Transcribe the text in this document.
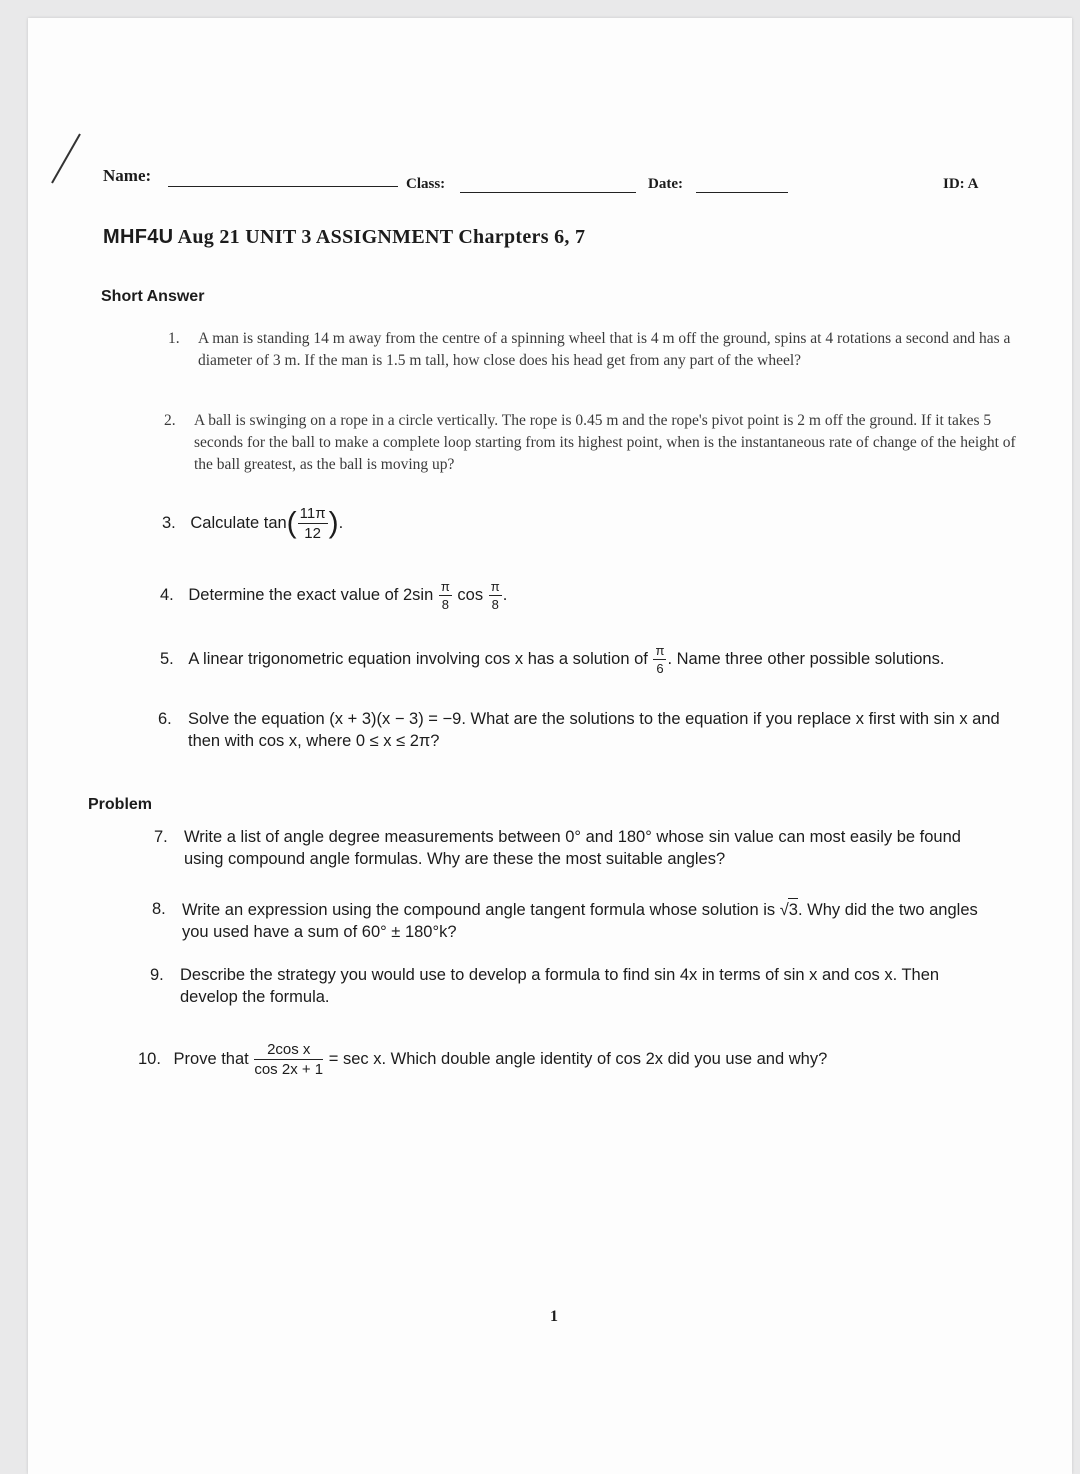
Name:	Class:	Date:	ID: A
MHF4U Aug 21 UNIT 3 ASSIGNMENT Charpters 6, 7
Short Answer
1. A man is standing 14 m away from the centre of a spinning wheel that is 4 m off the ground, spins at 4 rotations a second and has a diameter of 3 m. If the man is 1.5 m tall, how close does his head get from any part of the wheel?
2. A ball is swinging on a rope in a circle vertically. The rope is 0.45 m and the rope's pivot point is 2 m off the ground. If it takes 5 seconds for the ball to make a complete loop starting from its highest point, when is the instantaneous rate of change of the height of the ball greatest, as the ball is moving up?
3. Calculate $\tan( \frac{11\pi}{12}$ ).
4. Determine the exact value of $2\sin \frac{\pi}{8}$ $\cos \frac{\pi}{8}$ .
5. A linear trigonometric equation involving cos x has a solution of $\frac{\pi}{6}$ . Name three other possible solutions.
6. Solve the equation (x + 3)(x − 3) = −9. What are the solutions to the equation if you replace x first with sin x and then with cos x, where 0 ≤ x ≤ 2π?
Problem
7. Write a list of angle degree measurements between 0° and 180° whose sin value can most easily be found using compound angle formulas. Why are these the most suitable angles?
8. Write an expression using the compound angle tangent formula whose solution is √3. Why did the two angles you used have a sum of 60° ± 180°k?
9. Describe the strategy you would use to develop a formula to find sin 4x in terms of sin x and cos x. Then develop the formula.
10. Prove that $\frac{\text{2cos x}}{\cos 2x + 1} = \sec x$. Which double angle identity of cos 2x did you use and why?
1
